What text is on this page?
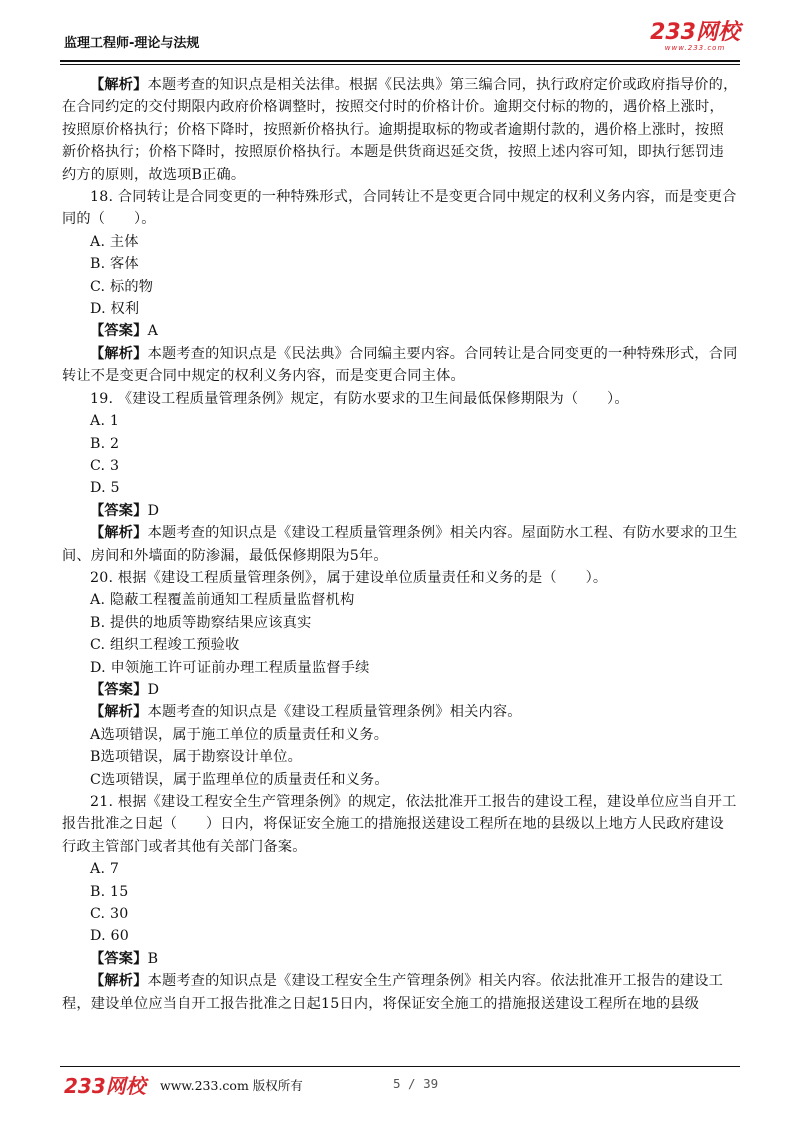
监理工程师-理论与法规	233网校
www.233.com

【解析】本题考查的知识点是相关法律。根据《民法典》第三编合同，执行政府定价或政府指导价的，在合同约定的交付期限内政府价格调整时，按照交付时的价格计价。逾期交付标的物的，遇价格上涨时，按照原价格执行；价格下降时，按照新价格执行。逾期提取标的物或者逾期付款的，遇价格上涨时，按照新价格执行；价格下降时，按照原价格执行。本题是供货商迟延交货，按照上述内容可知，即执行惩罚违约方的原则，故选项B正确。

18. 合同转让是合同变更的一种特殊形式，合同转让不是变更合同中规定的权利义务内容，而是变更合同的（　　）。

A. 主体

B. 客体

C. 标的物

D. 权利

【答案】A

【解析】本题考查的知识点是《民法典》合同编主要内容。合同转让是合同变更的一种特殊形式，合同转让不是变更合同中规定的权利义务内容，而是变更合同主体。

19. 《建设工程质量管理条例》规定，有防水要求的卫生间最低保修期限为（　　）。

A. 1

B. 2

C. 3

D. 5

【答案】D

【解析】本题考查的知识点是《建设工程质量管理条例》相关内容。屋面防水工程、有防水要求的卫生间、房间和外墙面的防渗漏，最低保修期限为5年。

20. 根据《建设工程质量管理条例》，属于建设单位质量责任和义务的是（　　）。

A. 隐蔽工程覆盖前通知工程质量监督机构

B. 提供的地质等勘察结果应该真实

C. 组织工程竣工预验收

D. 申领施工许可证前办理工程质量监督手续

【答案】D

【解析】本题考查的知识点是《建设工程质量管理条例》相关内容。

A选项错误，属于施工单位的质量责任和义务。

B选项错误，属于勘察设计单位。

C选项错误，属于监理单位的质量责任和义务。

21. 根据《建设工程安全生产管理条例》的规定，依法批准开工报告的建设工程，建设单位应当自开工报告批准之日起（　　）日内，将保证安全施工的措施报送建设工程所在地的县级以上地方人民政府建设行政主管部门或者其他有关部门备案。

A. 7

B. 15

C. 30

D. 60

【答案】B

【解析】本题考查的知识点是《建设工程安全生产管理条例》相关内容。依法批准开工报告的建设工程，建设单位应当自开工报告批准之日起15日内，将保证安全施工的措施报送建设工程所在地的县级

233网校 www.233.com 版权所有	5 / 39
